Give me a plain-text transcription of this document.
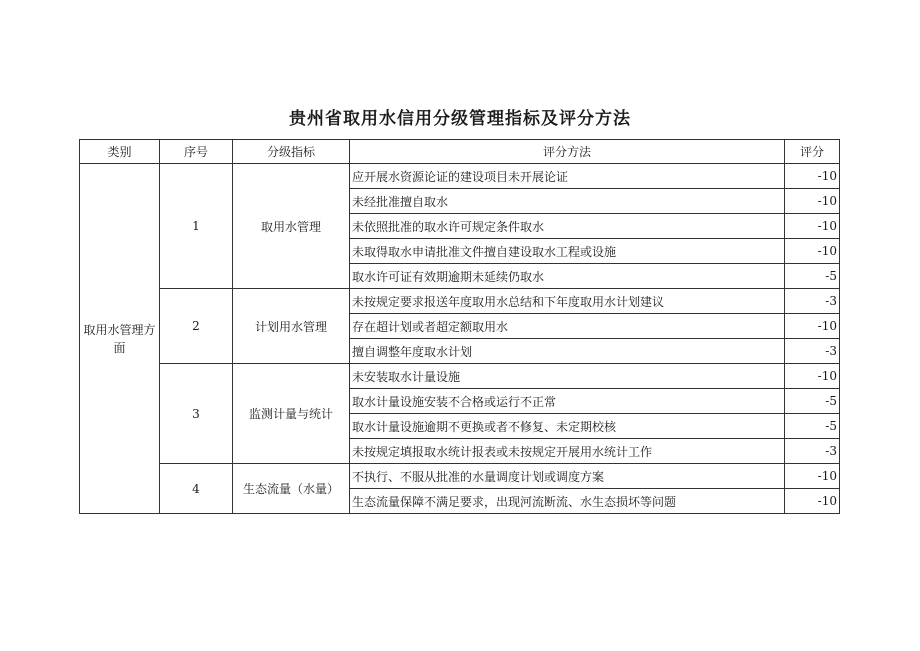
贵州省取用水信用分级管理指标及评分方法
类别	序号	分级指标	评分方法	评分
取用水管理方面	1	取用水管理	应开展水资源论证的建设项目未开展论证	-10
			未经批准擅自取水	-10
			未依照批准的取水许可规定条件取水	-10
			未取得取水申请批准文件擅自建设取水工程或设施	-10
			取水许可证有效期逾期未延续仍取水	-5
	2	计划用水管理	未按规定要求报送年度取用水总结和下年度取用水计划建议	-3
			存在超计划或者超定额取用水	-10
			擅自调整年度取水计划	-3
	3	监测计量与统计	未安装取水计量设施	-10
			取水计量设施安装不合格或运行不正常	-5
			取水计量设施逾期不更换或者不修复、未定期校核	-5
			未按规定填报取水统计报表或未按规定开展用水统计工作	-3
	4	生态流量（水量）	不执行、不服从批准的水量调度计划或调度方案	-10
			生态流量保障不满足要求，出现河流断流、水生态损坏等问题	-10
